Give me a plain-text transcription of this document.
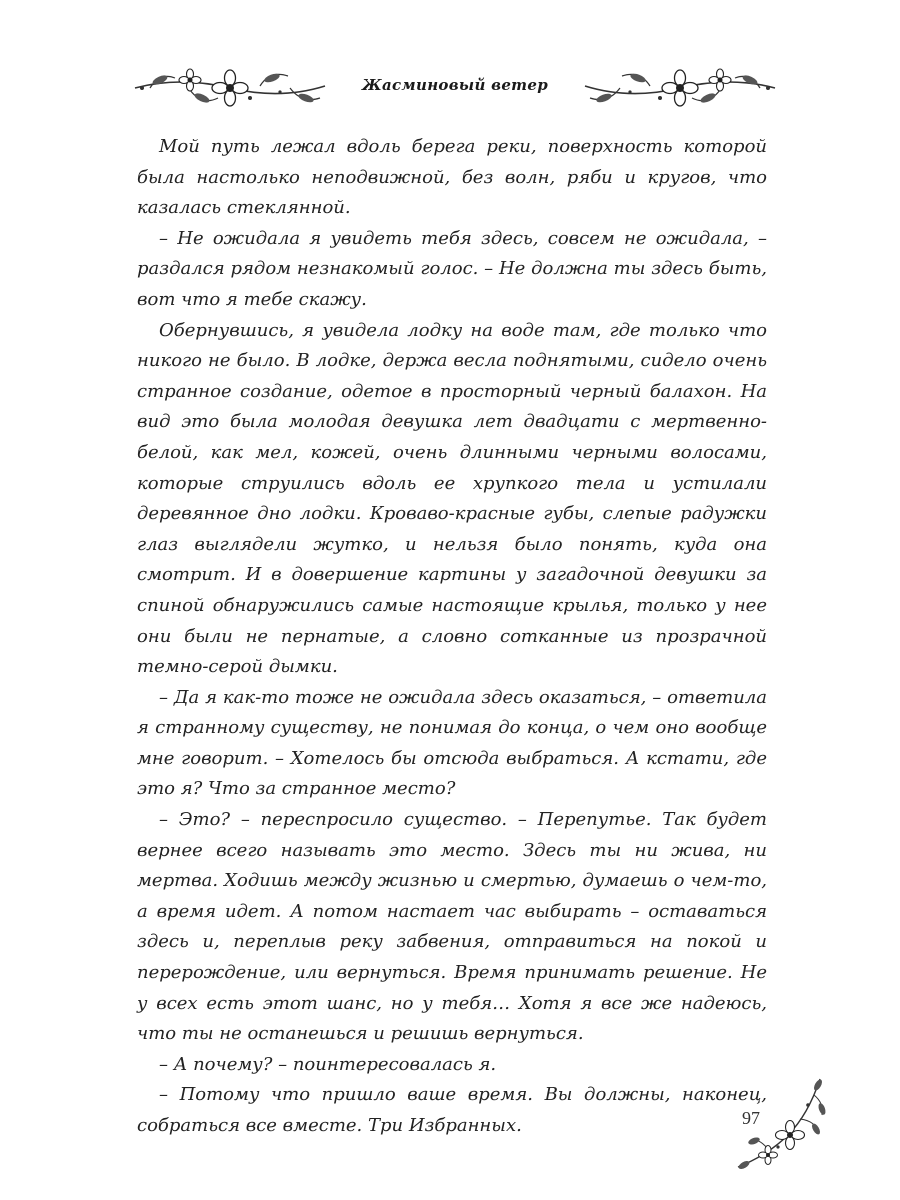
Жасминовый ветер

Мой путь лежал вдоль берега реки, поверхность которой была настолько неподвижной, без волн, ряби и кругов, что казалась стеклянной.

– Не ожидала я увидеть тебя здесь, совсем не ожидала, – раздался рядом незнакомый голос. – Не должна ты здесь быть, вот что я тебе скажу.

Обернувшись, я увидела лодку на воде там, где только что никого не было. В лодке, держа весла поднятыми, сидело очень странное создание, одетое в просторный черный балахон. На вид это была молодая девушка лет двадцати с мертвенно-белой, как мел, кожей, очень длинными черными волосами, которые струились вдоль ее хрупкого тела и устилали деревянное дно лодки. Кроваво-красные губы, слепые радужки глаз выглядели жутко, и нельзя было понять, куда она смотрит. И в довершение картины у загадочной девушки за спиной обнаружились самые настоящие крылья, только у нее они были не пернатые, а словно сотканные из прозрачной темно-серой дымки.

– Да я как-то тоже не ожидала здесь оказаться, – ответила я странному существу, не понимая до конца, о чем оно вообще мне говорит. – Хотелось бы отсюда выбраться. А кстати, где это я? Что за странное место?

– Это? – переспросило существо. – Перепутье. Так будет вернее всего называть это место. Здесь ты ни жива, ни мертва. Ходишь между жизнью и смертью, думаешь о чем-то, а время идет. А потом настает час выбирать – оставаться здесь и, переплыв реку забвения, отправиться на покой и перерождение, или вернуться. Время принимать решение. Не у всех есть этот шанс, но у тебя… Хотя я все же надеюсь, что ты не останешься и решишь вернуться.

– А почему? – поинтересовалась я.

– Потому что пришло ваше время. Вы должны, наконец, собраться все вместе. Три Избранных.	97
